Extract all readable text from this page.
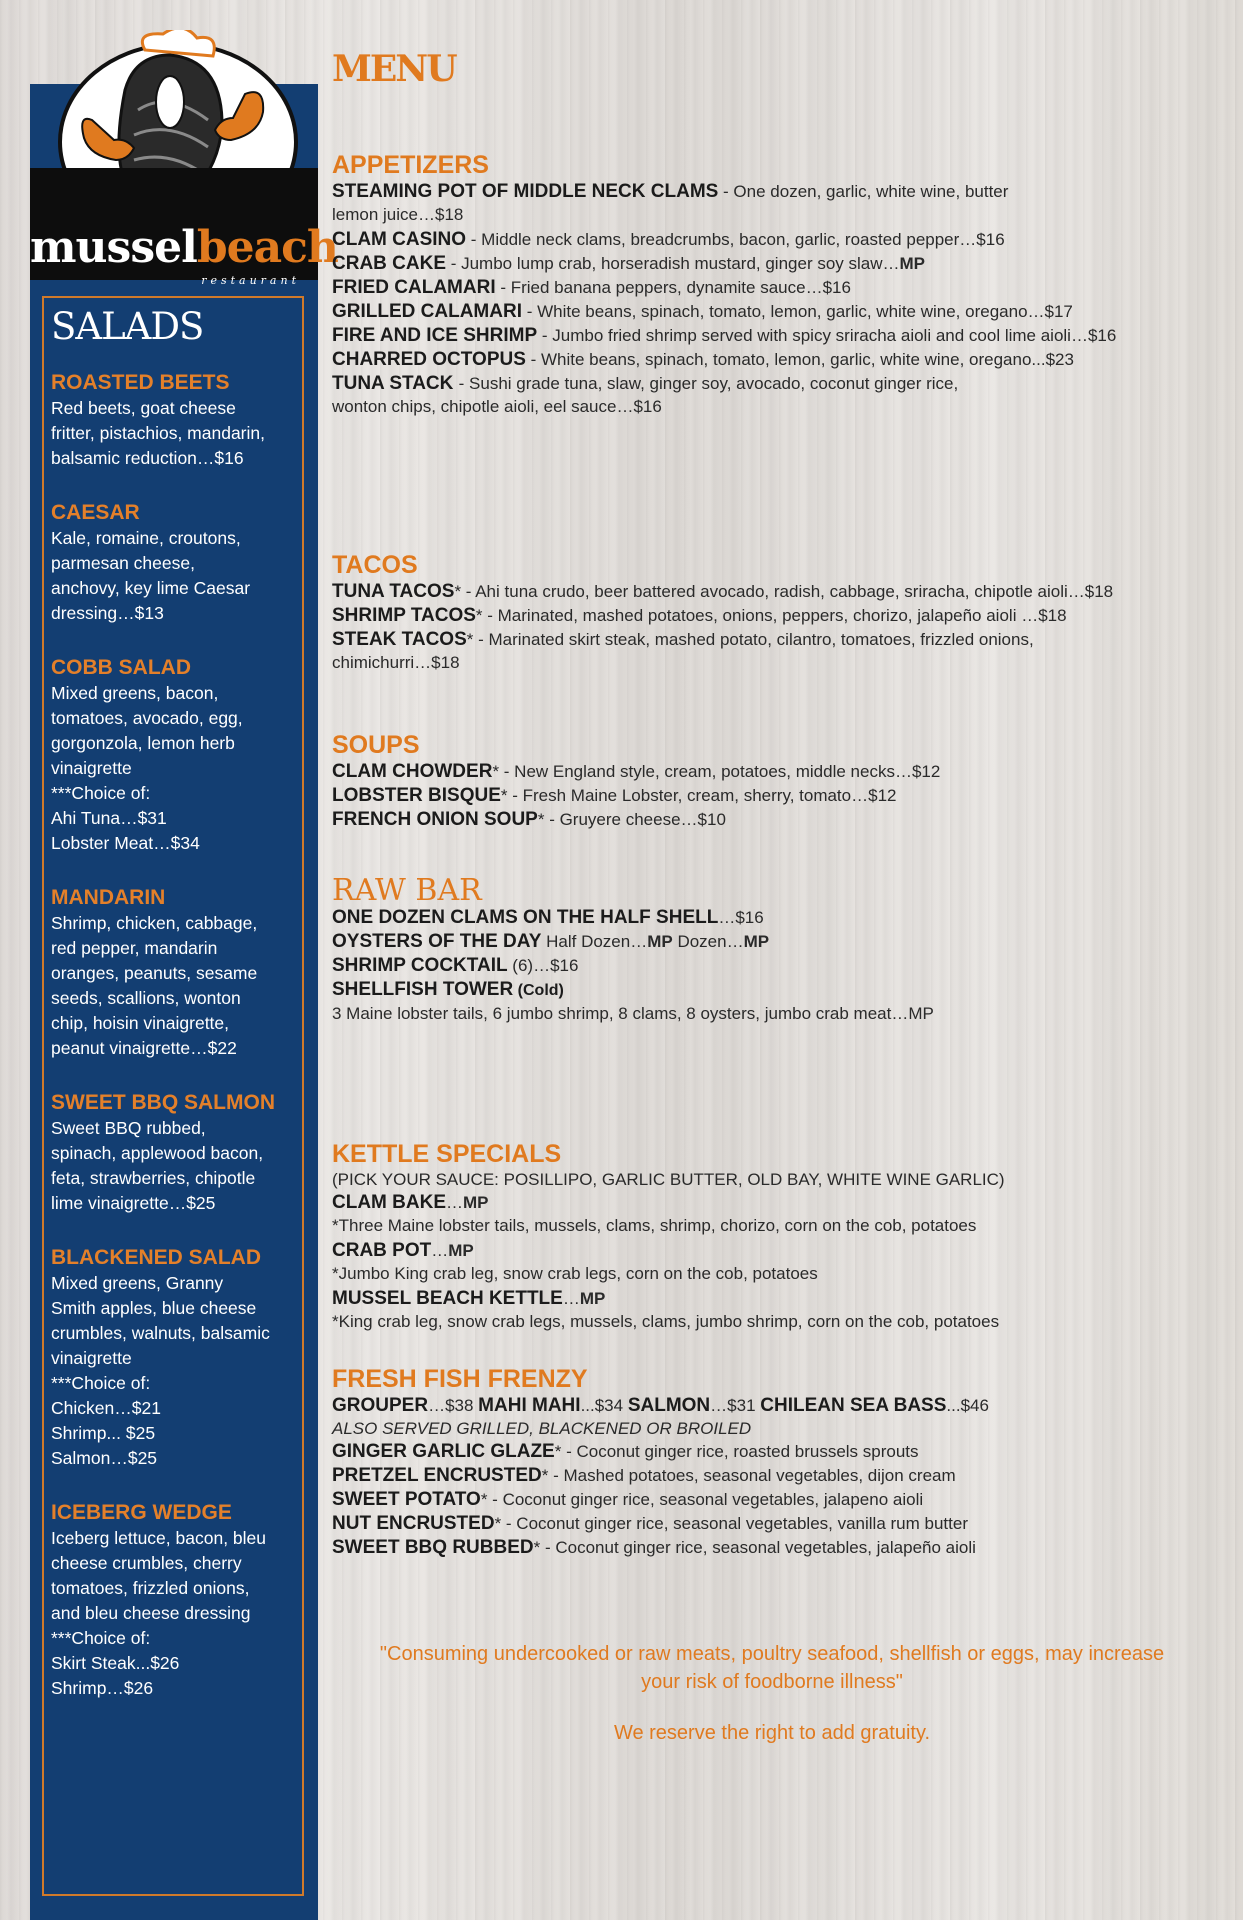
musselbeach
restaurant
SALADS
ROASTED BEETS
Red beets, goat cheese
fritter, pistachios, mandarin,
balsamic reduction…$16
CAESAR
Kale, romaine, croutons,
parmesan cheese,
anchovy, key lime Caesar
dressing…$13
COBB SALAD
Mixed greens, bacon,
tomatoes, avocado, egg,
gorgonzola, lemon herb
vinaigrette
***Choice of:
Ahi Tuna…$31
Lobster Meat…$34
MANDARIN
Shrimp, chicken, cabbage,
red pepper, mandarin
oranges, peanuts, sesame
seeds, scallions, wonton
chip, hoisin vinaigrette,
peanut vinaigrette…$22
SWEET BBQ SALMON
Sweet BBQ rubbed,
spinach, applewood bacon,
feta, strawberries, chipotle
lime vinaigrette…$25
BLACKENED SALAD
Mixed greens, Granny
Smith apples, blue cheese
crumbles, walnuts, balsamic
vinaigrette
***Choice of:
Chicken…$21
Shrimp... $25
Salmon…$25
ICEBERG WEDGE
Iceberg lettuce, bacon, bleu
cheese crumbles, cherry
tomatoes, frizzled onions,
and bleu cheese dressing
***Choice of:
Skirt Steak...$26
Shrimp…$26
MENU
APPETIZERS
STEAMING POT OF MIDDLE NECK CLAMS - One dozen, garlic, white wine, butter
lemon juice…$18
CLAM CASINO - Middle neck clams, breadcrumbs, bacon, garlic, roasted pepper…$16
CRAB CAKE - Jumbo lump crab, horseradish mustard, ginger soy slaw…MP
FRIED CALAMARI - Fried banana peppers, dynamite sauce…$16
GRILLED CALAMARI - White beans, spinach, tomato, lemon, garlic, white wine, oregano…$17
FIRE AND ICE SHRIMP - Jumbo fried shrimp served with spicy sriracha aioli and cool lime aioli…$16
CHARRED OCTOPUS - White beans, spinach, tomato, lemon, garlic, white wine, oregano...$23
TUNA STACK - Sushi grade tuna, slaw, ginger soy, avocado, coconut ginger rice,
wonton chips, chipotle aioli, eel sauce…$16
TACOS
TUNA TACOS* - Ahi tuna crudo, beer battered avocado, radish, cabbage, sriracha, chipotle aioli…$18
SHRIMP TACOS* - Marinated, mashed potatoes, onions, peppers, chorizo, jalapeño aioli …$18
STEAK TACOS* - Marinated skirt steak, mashed potato, cilantro, tomatoes, frizzled onions,
chimichurri…$18
SOUPS
CLAM CHOWDER* - New England style, cream, potatoes, middle necks…$12
LOBSTER BISQUE* - Fresh Maine Lobster, cream, sherry, tomato…$12
FRENCH ONION SOUP* - Gruyere cheese…$10
RAW BAR
ONE DOZEN CLAMS ON THE HALF SHELL…$16
OYSTERS OF THE DAY Half Dozen…MP Dozen…MP
SHRIMP COCKTAIL (6)…$16
SHELLFISH TOWER (Cold)
3 Maine lobster tails, 6 jumbo shrimp, 8 clams, 8 oysters, jumbo crab meat…MP
KETTLE SPECIALS
(PICK YOUR SAUCE: POSILLIPO, GARLIC BUTTER, OLD BAY, WHITE WINE GARLIC)
CLAM BAKE…MP
*Three Maine lobster tails, mussels, clams, shrimp, chorizo, corn on the cob, potatoes
CRAB POT…MP
*Jumbo King crab leg, snow crab legs, corn on the cob, potatoes
MUSSEL BEACH KETTLE…MP
*King crab leg, snow crab legs, mussels, clams, jumbo shrimp, corn on the cob, potatoes
FRESH FISH FRENZY
GROUPER…$38 MAHI MAHI...$34 SALMON…$31 CHILEAN SEA BASS...$46
ALSO SERVED GRILLED, BLACKENED OR BROILED
GINGER GARLIC GLAZE* - Coconut ginger rice, roasted brussels sprouts
PRETZEL ENCRUSTED* - Mashed potatoes, seasonal vegetables, dijon cream
SWEET POTATO* - Coconut ginger rice, seasonal vegetables, jalapeno aioli
NUT ENCRUSTED* - Coconut ginger rice, seasonal vegetables, vanilla rum butter
SWEET BBQ RUBBED* - Coconut ginger rice, seasonal vegetables, jalapeño aioli
"Consuming undercooked or raw meats, poultry seafood, shellfish or eggs, may increase
your risk of foodborne illness"
We reserve the right to add gratuity.
